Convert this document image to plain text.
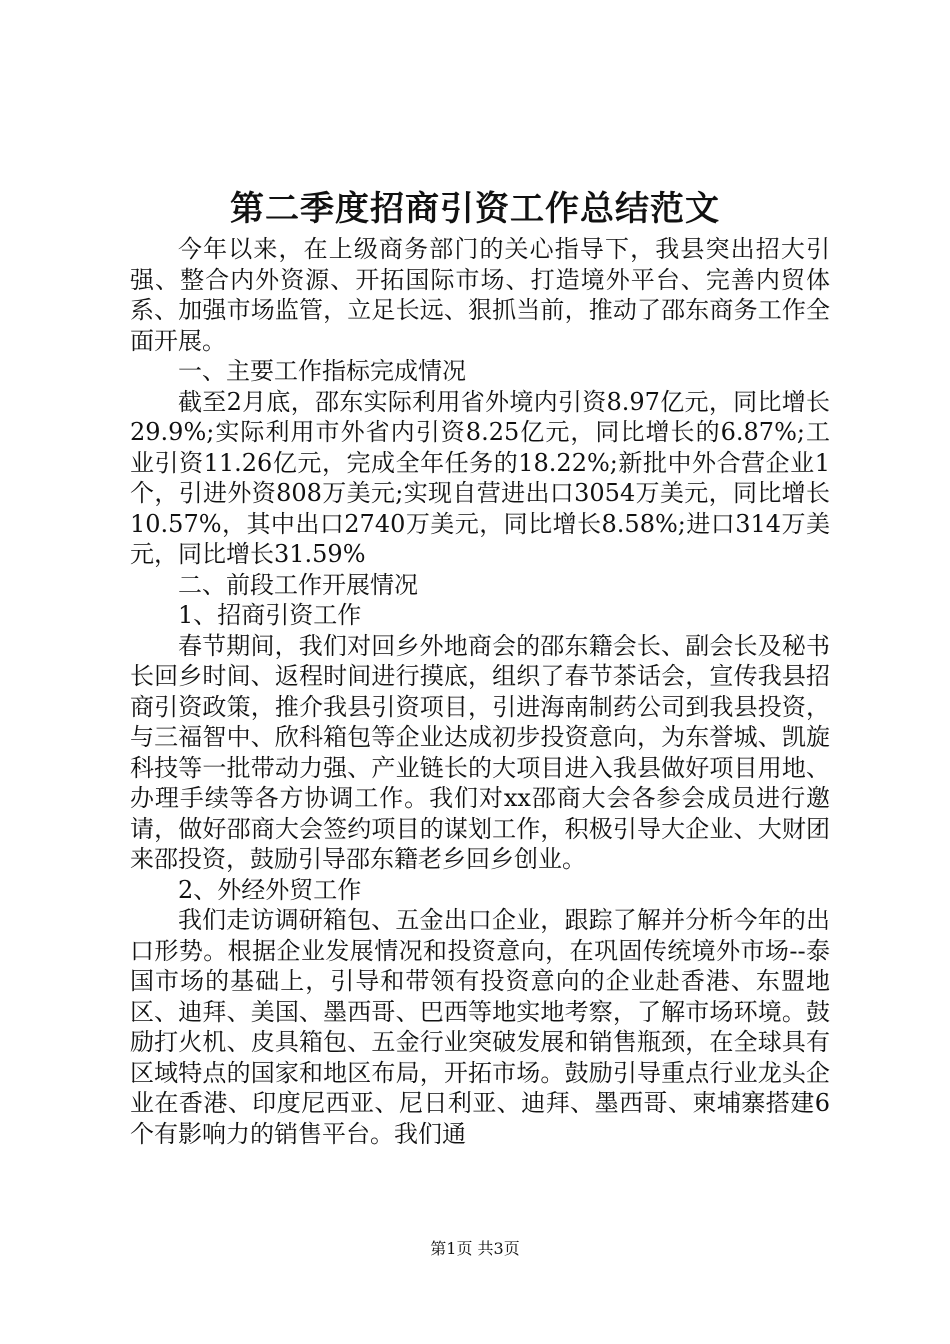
第二季度招商引资工作总结范文

今年以来，在上级商务部门的关心指导下，我县突出招大引强、整合内外资源、开拓国际市场、打造境外平台、完善内贸体系、加强市场监管，立足长远、狠抓当前，推动了邵东商务工作全面开展。

一、主要工作指标完成情况

截至2月底，邵东实际利用省外境内引资8.97亿元，同比增长29.9%;实际利用市外省内引资8.25亿元，同比增长的6.87%;工业引资11.26亿元，完成全年任务的18.22%;新批中外合营企业1个，引进外资808万美元;实现自营进出口3054万美元，同比增长10.57%，其中出口2740万美元，同比增长8.58%;进口314万美元，同比增长31.59%

二、前段工作开展情况

1、招商引资工作

春节期间，我们对回乡外地商会的邵东籍会长、副会长及秘书长回乡时间、返程时间进行摸底，组织了春节茶话会，宣传我县招商引资政策，推介我县引资项目，引进海南制药公司到我县投资，与三福智中、欣科箱包等企业达成初步投资意向，为东誉城、凯旋科技等一批带动力强、产业链长的大项目进入我县做好项目用地、办理手续等各方协调工作。我们对xx邵商大会各参会成员进行邀请，做好邵商大会签约项目的谋划工作，积极引导大企业、大财团来邵投资，鼓励引导邵东籍老乡回乡创业。

2、外经外贸工作

我们走访调研箱包、五金出口企业，跟踪了解并分析今年的出口形势。根据企业发展情况和投资意向，在巩固传统境外市场--泰国市场的基础上，引导和带领有投资意向的企业赴香港、东盟地区、迪拜、美国、墨西哥、巴西等地实地考察，了解市场环境。鼓励打火机、皮具箱包、五金行业突破发展和销售瓶颈，在全球具有区域特点的国家和地区布局，开拓市场。鼓励引导重点行业龙头企业在香港、印度尼西亚、尼日利亚、迪拜、墨西哥、柬埔寨搭建6个有影响力的销售平台。我们通

第1页 共3页
